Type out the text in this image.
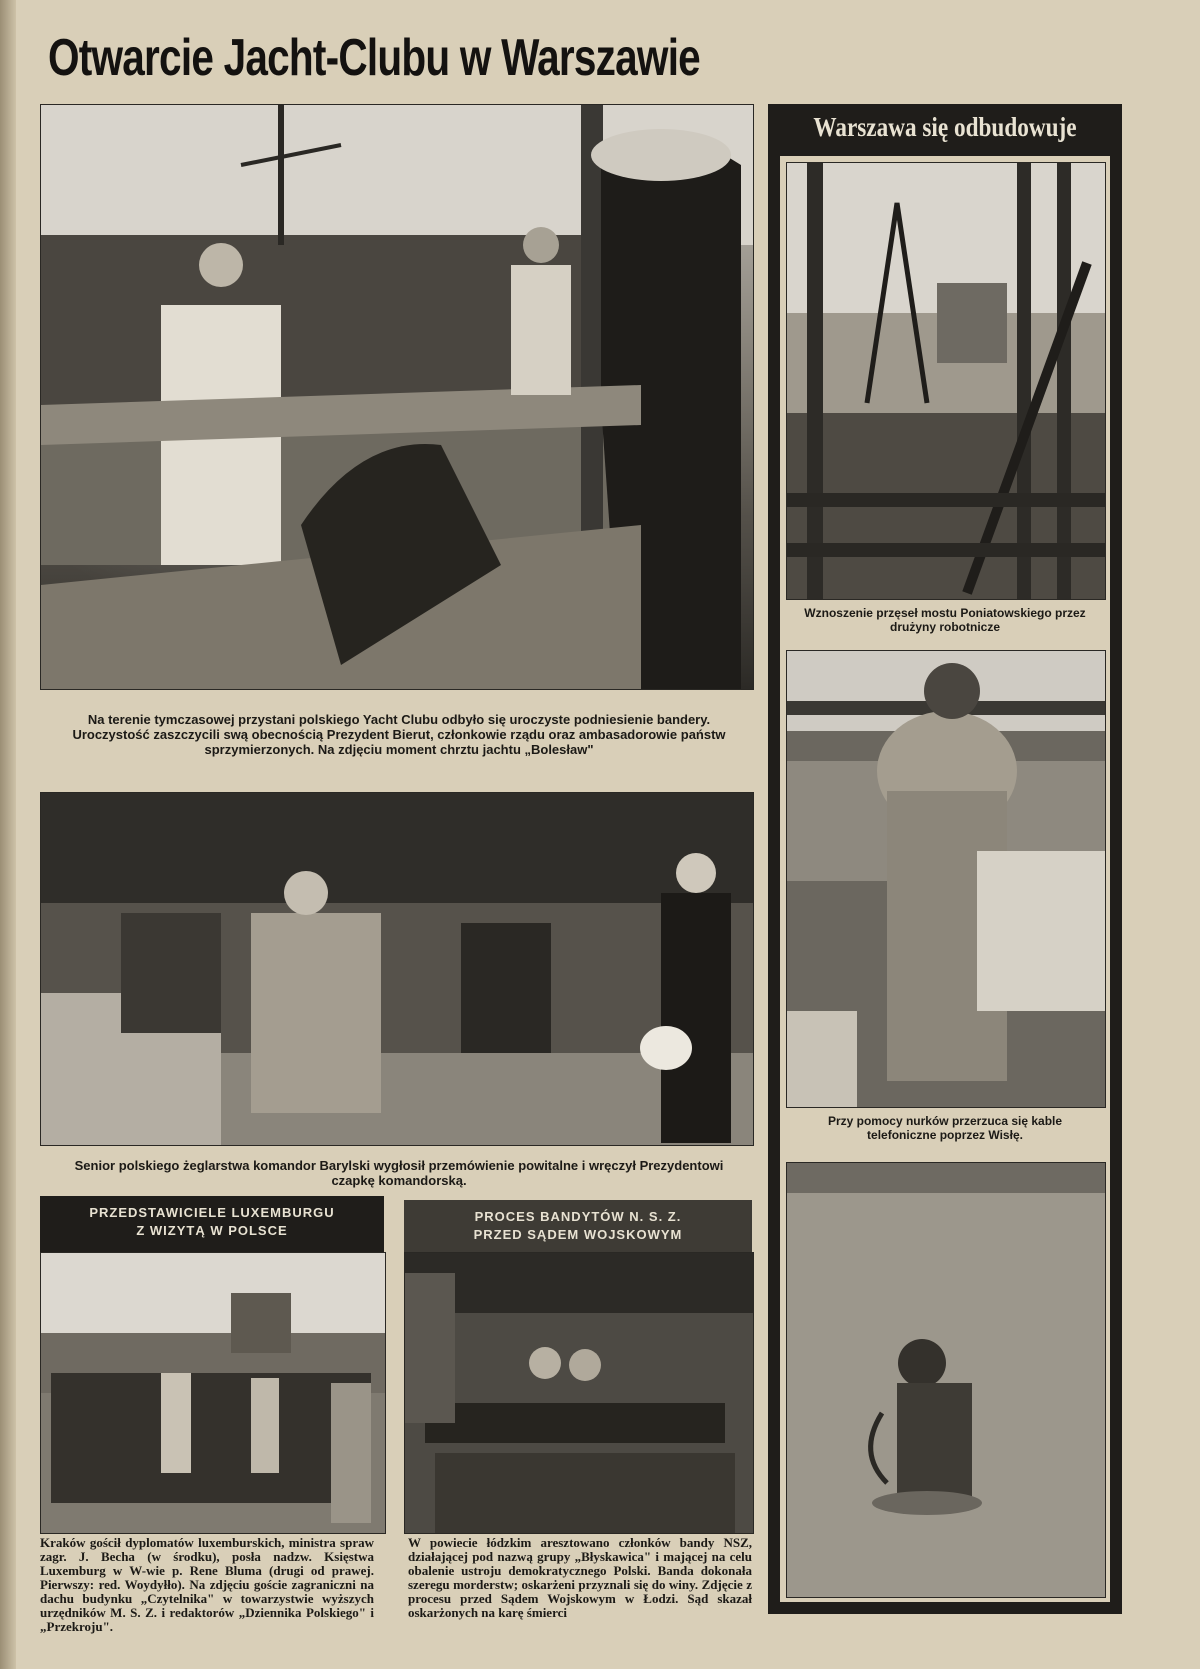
Otwarcie Jacht-Clubu w Warszawie

Na terenie tymczasowej przystani polskiego Yacht Clubu odbyło się uroczyste podniesienie bandery. Uroczystość zaszczycili swą obecnością Prezydent Bierut, członkowie rządu oraz ambasadorowie państw sprzymierzonych. Na zdjęciu moment chrztu jachtu „Bolesław"

Senior polskiego żeglarstwa komandor Barylski wygłosił przemówienie powitalne i wręczył Prezydentowi czapkę komandorską.

PRZEDSTAWICIELE LUXEMBURGU
Z WIZYTĄ W POLSCE

Kraków gościł dyplomatów luxemburskich, ministra spraw zagr. J. Becha (w środku), posła nadzw. Księstwa Luxemburg w W-wie p. Rene Bluma (drugi od prawej. Pierwszy: red. Woydyłło). Na zdjęciu goście zagraniczni na dachu budynku „Czytelnika" w towarzystwie wyższych urzędników M. S. Z. i redaktorów „Dziennika Polskiego" i „Przekroju".

PROCES BANDYTÓW N. S. Z.
PRZED SĄDEM WOJSKOWYM

W powiecie łódzkim aresztowano członków bandy NSZ, działającej pod nazwą grupy „Błyskawica" i mającej na celu obalenie ustroju demokratycznego Polski. Banda dokonała szeregu morderstw; oskarżeni przyznali się do winy. Zdjęcie z procesu przed Sądem Wojskowym w Łodzi. Sąd skazał oskarżonych na karę śmierci

Warszawa się odbudowuje

Wznoszenie przęseł mostu Poniatowskiego przez drużyny robotnicze

Przy pomocy nurków przerzuca się kable telefoniczne poprzez Wisłę.
